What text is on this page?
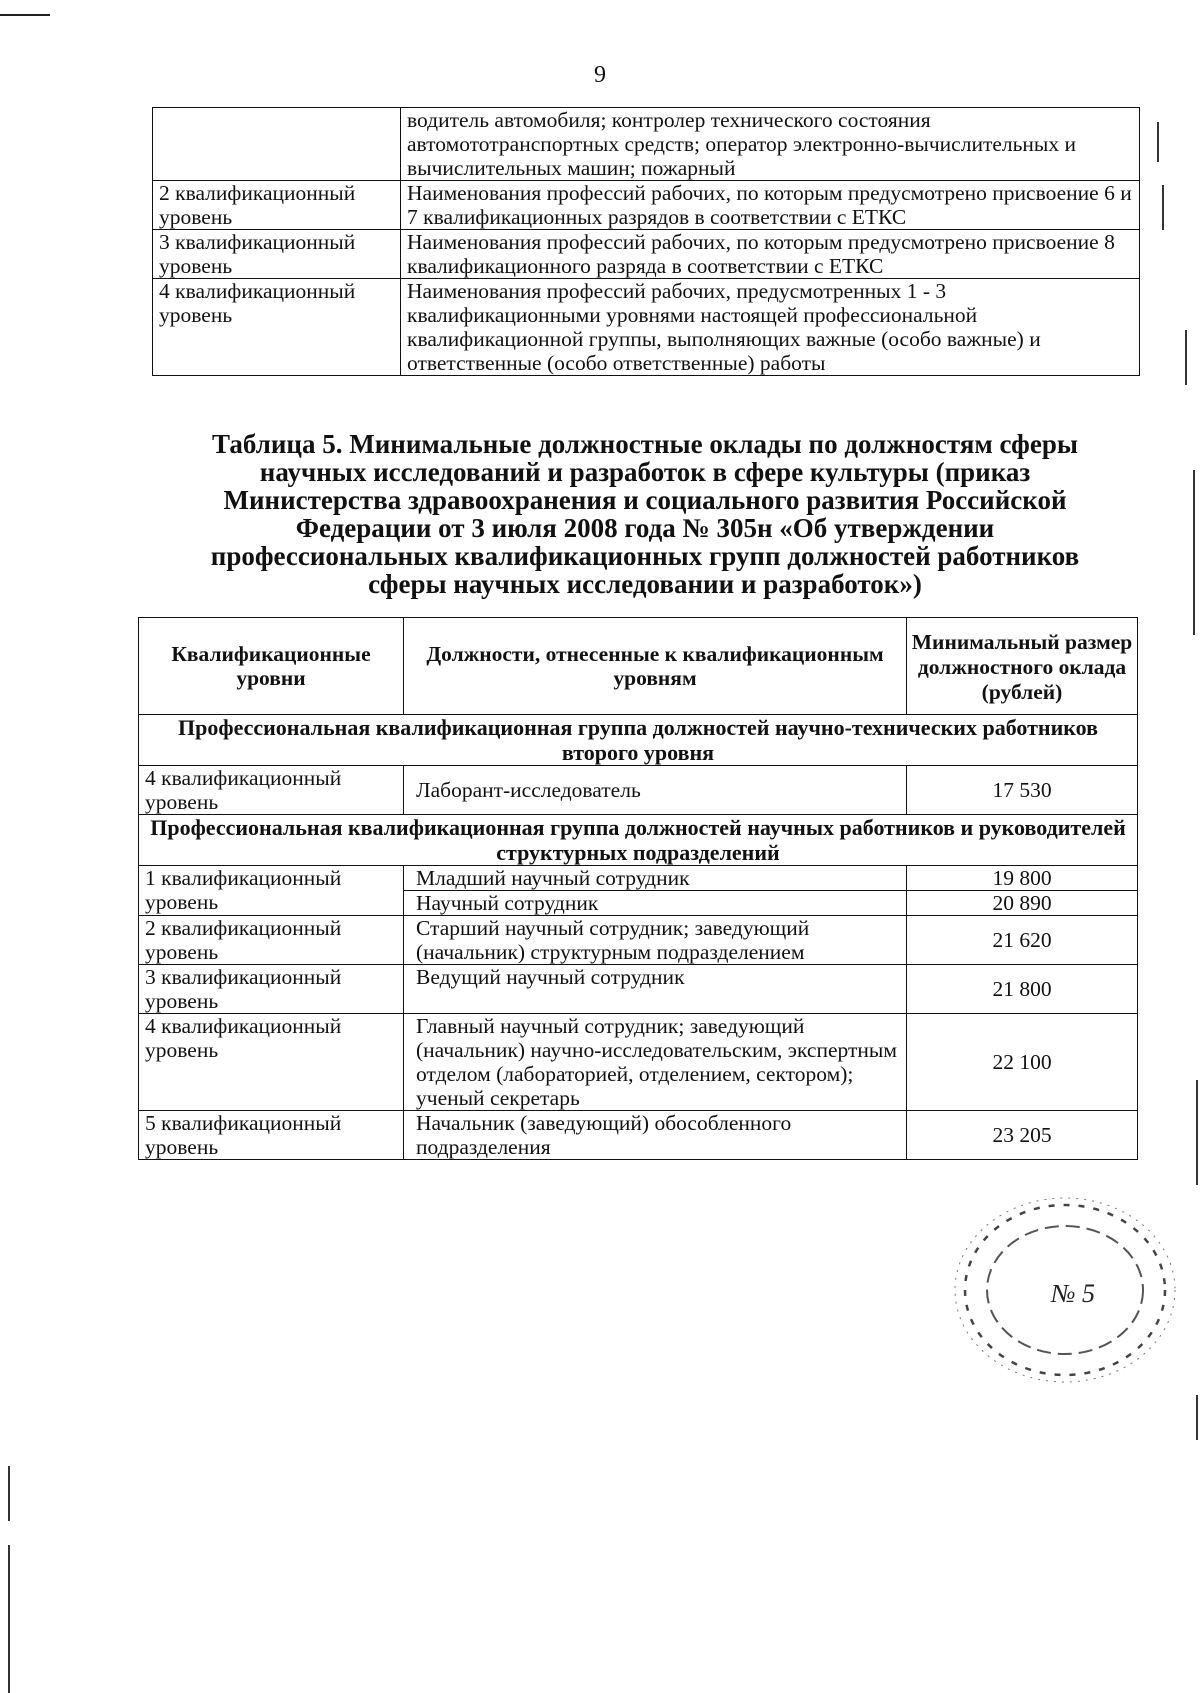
9
	водитель автомобиля; контролер технического состояния автомототранспортных средств; оператор электронно-вычислительных и вычислительных машин; пожарный
2 квалификационный уровень	Наименования профессий рабочих, по которым предусмотрено присвоение 6 и 7 квалификационных разрядов в соответствии с ЕТКС
3 квалификационный уровень	Наименования профессий рабочих, по которым предусмотрено присвоение 8 квалификационного разряда в соответствии с ЕТКС
4 квалификационный уровень	Наименования профессий рабочих, предусмотренных 1 - 3 квалификационными уровнями настоящей профессиональной квалификационной группы, выполняющих важные (особо важные) и ответственные (особо ответственные) работы
Таблица 5. Минимальные должностные оклады по должностям сферы научных исследований и разработок в сфере культуры (приказ Министерства здравоохранения и социального развития Российской Федерации от 3 июля 2008 года № 305н «Об утверждении профессиональных квалификационных групп должностей работников сферы научных исследовании и разработок»)
Квалификационные уровни	Должности, отнесенные к квалификационным уровням	Минимальный размер должностного оклада (рублей)
Профессиональная квалификационная группа должностей научно-технических работников второго уровня		
4 квалификационный уровень	Лаборант-исследователь	17 530
Профессиональная квалификационная группа должностей научных работников и руководителей структурных подразделений		
1 квалификационный уровень	Младший научный сотрудник	19 800
	Научный сотрудник	20 890
2 квалификационный уровень	Старший научный сотрудник; заведующий (начальник) структурным подразделением	21 620
3 квалификационный уровень	Ведущий научный сотрудник	21 800
4 квалификационный уровень	Главный научный сотрудник; заведующий (начальник) научно-исследовательским, экспертным отделом (лабораторией, отделением, сектором); ученый секретарь	22 100
5 квалификационный уровень	Начальник (заведующий) обособленного подразделения	23 205
№ 5
